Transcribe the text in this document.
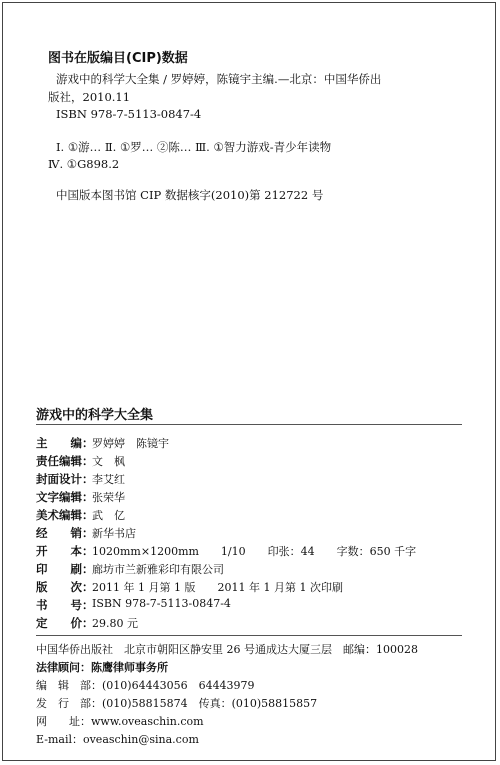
图书在版编目(CIP)数据
游戏中的科学大全集 / 罗婷婷，陈镜宇主编.—北京：中国华侨出
版社，2010.11
ISBN 978-7-5113-0847-4
Ⅰ. ①游… Ⅱ. ①罗… ②陈… Ⅲ. ①智力游戏-青少年读物
Ⅳ. ①G898.2
中国版本图书馆 CIP 数据核字(2010)第 212722 号
游戏中的科学大全集
主　　编：
罗婷婷　陈镜宇
责任编辑：
文　枫
封面设计：
李艾红
文字编辑：
张荣华
美术编辑：
武　亿
经　　销：
新华书店
开　　本：
1020mm×1200mm　　1/10　　印张：44　　字数：650 千字
印　　刷：
廊坊市兰新雅彩印有限公司
版　　次：
2011 年 1 月第 1 版　　2011 年 1 月第 1 次印刷
书　　号：
ISBN 978-7-5113-0847-4
定　　价：
29.80 元
中国华侨出版社　北京市朝阳区静安里 26 号通成达大厦三层　邮编：100028
法律顾问：陈鹰律师事务所
编　辑　部：(010)64443056　64443979
发　行　部：(010)58815874　传真：(010)58815857
网　　址：www.oveaschin.com
E-mail：oveaschin@sina.com
